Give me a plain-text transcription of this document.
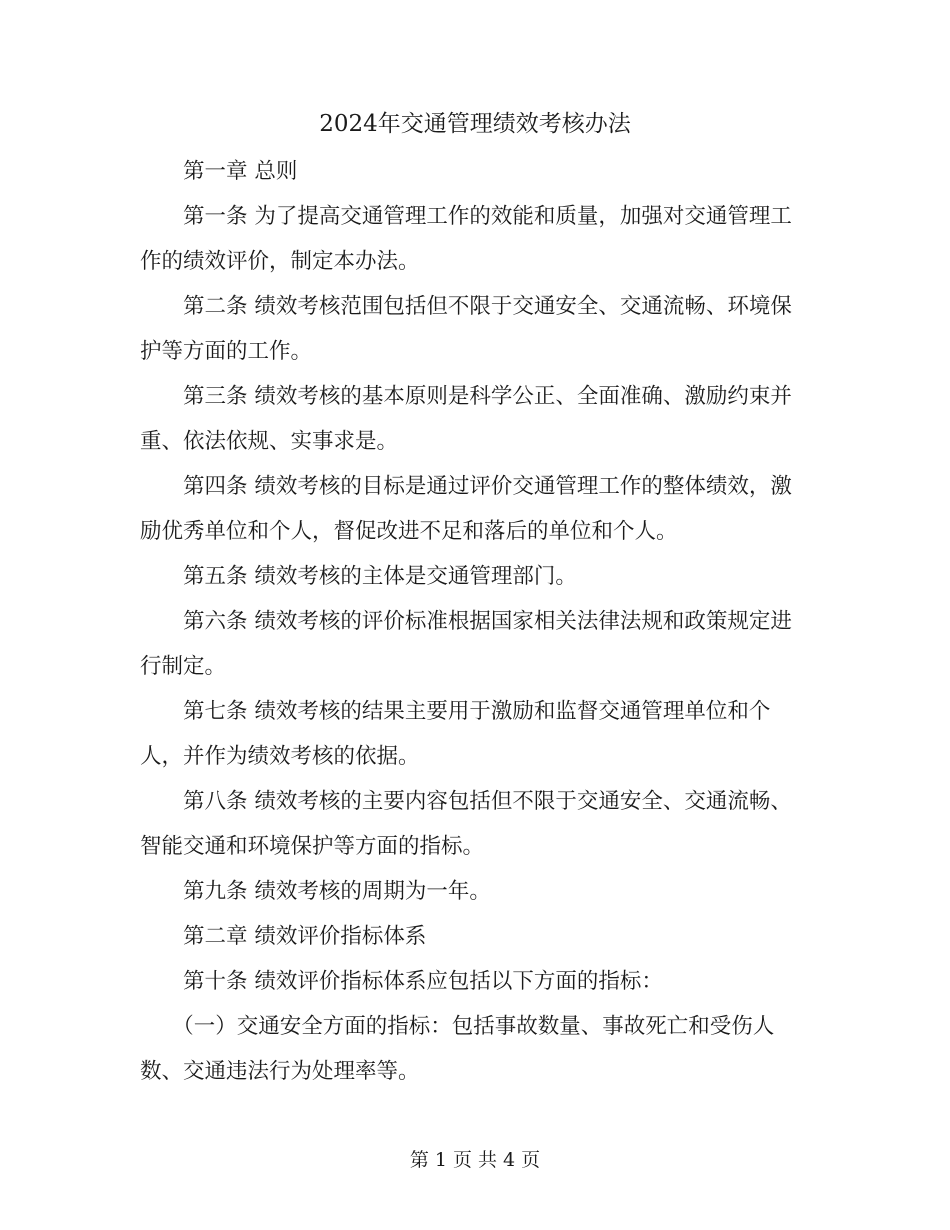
2024年交通管理绩效考核办法

第一章 总则

第一条 为了提高交通管理工作的效能和质量，加强对交通管理工作的绩效评价，制定本办法。

第二条 绩效考核范围包括但不限于交通安全、交通流畅、环境保护等方面的工作。

第三条 绩效考核的基本原则是科学公正、全面准确、激励约束并重、依法依规、实事求是。

第四条 绩效考核的目标是通过评价交通管理工作的整体绩效，激励优秀单位和个人，督促改进不足和落后的单位和个人。

第五条 绩效考核的主体是交通管理部门。

第六条 绩效考核的评价标准根据国家相关法律法规和政策规定进行制定。

第七条 绩效考核的结果主要用于激励和监督交通管理单位和个人，并作为绩效考核的依据。

第八条 绩效考核的主要内容包括但不限于交通安全、交通流畅、智能交通和环境保护等方面的指标。

第九条 绩效考核的周期为一年。

第二章 绩效评价指标体系

第十条 绩效评价指标体系应包括以下方面的指标：

（一）交通安全方面的指标：包括事故数量、事故死亡和受伤人数、交通违法行为处理率等。

第 1 页 共 4 页
